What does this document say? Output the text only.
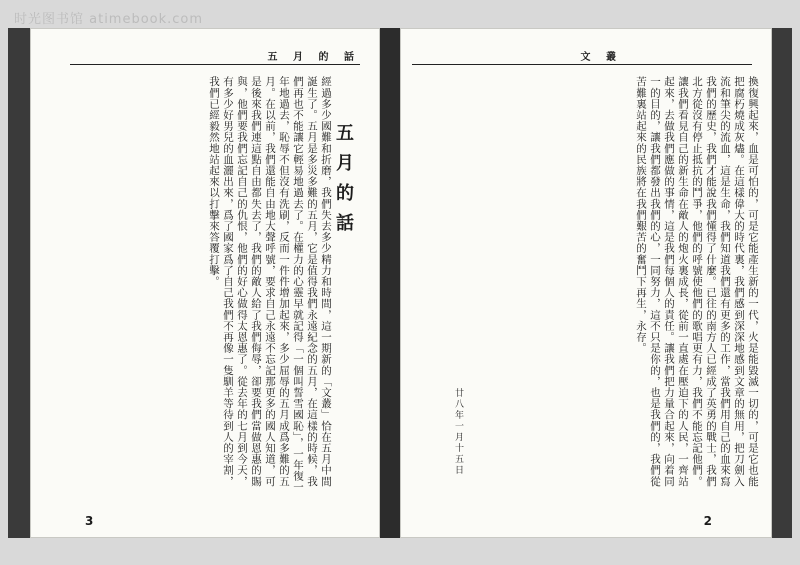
时光图书馆 atimebook.com
五 月 的 話
五月的話
經過多少國難和折磨，我們失去多少精力和時間，這一期新的「文叢」恰在五月中間誕生了。五月是多災多難的五月，它是值得我們永遠紀念的五月，在這樣的時候，我們再也不能讓它輕易地過去了。在權力的心靈早就記得「一個叫誓雪國恥」，一年復一年地過去，恥辱不但沒有洗刷，反而一件件增加起來，多少屈辱的五月成爲多難的五月。在以前，我們還能自由地大聲呼號，要求自己永遠不忘記那更多的國人知道，可是後來我們連這點自由都失去了，我們的敵人給了我們侮辱，卻要我們當做恩惠的賜與，他們要我們忘記自己的仇恨，他們的好心做得太恩惠了。從去年的七月到今天，有多少好男兒的血灑出來，爲了國家爲了自己我們不再像一隻馴羊等待到人的宰割，我們已經毅然地站起來以打擊來答覆打擊。
3
文 叢
換復興起來，血是可怕的，可是它能產生新的一代，火是能毀滅一切的，可是它也能把腐朽燒成灰燼。在這樣偉大的時代裏，我們感到深深地感到文章的無用，把刀劍入流和筆尖的流血，這是生命，我們知道我們還有更多的工作，當我們用自己的血來寫我們的歷史，我們才能說我們懂得了什麼。已往的南方人已經成了英勇的戰士，我們北方從沒有停止抵抗的鬥爭，他們的呼號使他們的歌唱更有力，我們不能忘記他們。讓我們看見自己的新生命在敵人的炮火裏成長，從前一直處在壓迫下的人民，一齊站起來，去做我們應做的事情，這是我們每個人的責任。讓我們把力量合起來，向着同一的目的，讓我們都發出我們的心，一同努力，這不只是你的，也是我們的，我們從苦難裏站起來的民族將在我們艱苦的奮鬥下再生，永存。
廿八年一月十五日
2
